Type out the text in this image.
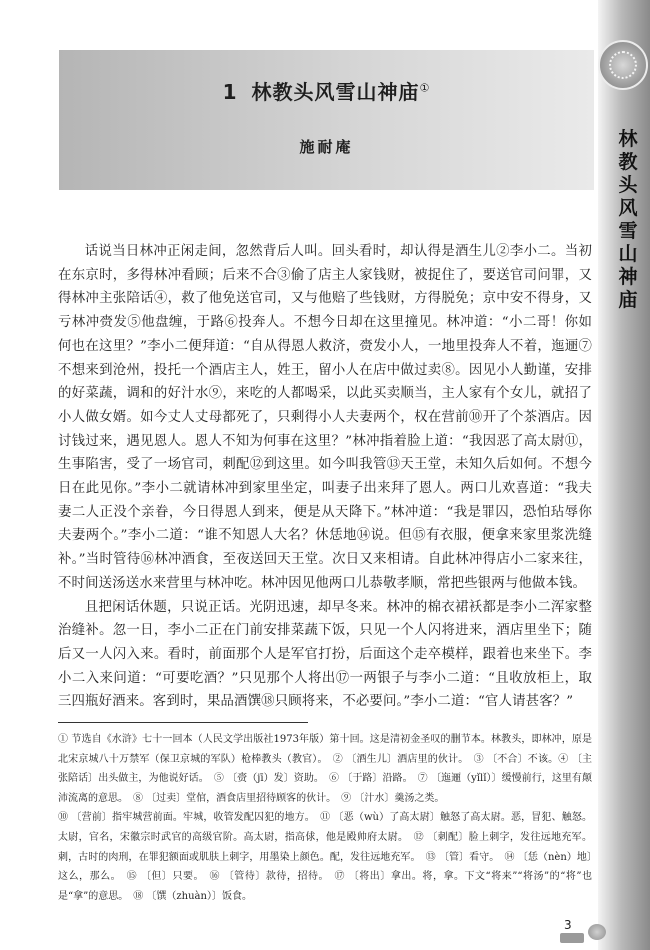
林教头风雪山神庙
1 林教头风雪山神庙①
施耐庵

话说当日林冲正闲走间，忽然背后人叫。回头看时，却认得是酒生儿②李小二。当初在东京时，多得林冲看顾；后来不合③偷了店主人家钱财，被捉住了，要送官司问罪，又得林冲主张陪话④，救了他免送官司，又与他赔了些钱财，方得脱免；京中安不得身，又亏林冲赍发⑤他盘缠，于路⑥投奔人。不想今日却在这里撞见。林冲道：“小二哥！你如何也在这里？”李小二便拜道：“自从得恩人救济，赍发小人，一地里投奔人不着，迤逦⑦不想来到沧州，投托一个酒店主人，姓王，留小人在店中做过卖⑧。因见小人勤谨，安排的好菜蔬，调和的好汁水⑨，来吃的人都喝采，以此买卖顺当，主人家有个女儿，就招了小人做女婿。如今丈人丈母都死了，只剩得小人夫妻两个，权在营前⑩开了个茶酒店。因讨钱过来，遇见恩人。恩人不知为何事在这里？”林冲指着脸上道：“我因恶了高太尉⑪，生事陷害，受了一场官司，刺配⑫到这里。如今叫我管⑬天王堂，未知久后如何。不想今日在此见你。”李小二就请林冲到家里坐定，叫妻子出来拜了恩人。两口儿欢喜道：“我夫妻二人正没个亲眷，今日得恩人到来，便是从天降下。”林冲道：“我是罪囚，恐怕玷辱你夫妻两个。”李小二道：“谁不知恩人大名？休恁地⑭说。但⑮有衣服，便拿来家里浆洗缝补。”当时管待⑯林冲酒食，至夜送回天王堂。次日又来相请。自此林冲得店小二家来往，不时间送汤送水来营里与林冲吃。林冲因见他两口儿恭敬孝顺，常把些银两与他做本钱。

且把闲话休题，只说正话。光阴迅速，却早冬来。林冲的棉衣裙袄都是李小二浑家整治缝补。忽一日，李小二正在门前安排菜蔬下饭，只见一个人闪将进来，酒店里坐下；随后又一人闪入来。看时，前面那个人是军官打扮，后面这个走卒模样，跟着也来坐下。李小二入来问道：“可要吃酒？”只见那个人将出⑰一两银子与李小二道：“且收放柜上，取三四瓶好酒来。客到时，果品酒馔⑱只顾将来，不必要问。”李小二道：“官人请甚客？”

① 节选自《水浒》七十一回本（人民文学出版社1973年版）第十回。这是清初金圣叹的删节本。林教头，即林冲，原是北宋京城八十万禁军（保卫京城的军队）枪棒教头（教官）。　② 〔酒生儿〕酒店里的伙计。　③ 〔不合〕不该。④ 〔主张陪话〕出头做主，为他说好话。　⑤ 〔赍（jī）发〕资助。　⑥ 〔于路〕沿路。　⑦ 〔迤逦（yǐlǐ）〕缓慢前行，这里有颠沛流离的意思。　⑧ 〔过卖〕堂倌，酒食店里招待顾客的伙计。　⑨ 〔汁水〕羹汤之类。

⑩ 〔营前〕指牢城营前面。牢城，收管发配囚犯的地方。　⑪ 〔恶（wù）了高太尉〕触怒了高太尉。恶，冒犯、触怒。太尉，官名，宋徽宗时武官的高级官阶。高太尉，指高俅，他是殿帅府太尉。　⑫ 〔刺配〕脸上刺字，发往远地充军。刺，古时的肉刑，在罪犯额面或肌肤上刺字，用墨染上颜色。配，发往远地充军。　⑬ 〔管〕看守。　⑭ 〔恁（nèn）地〕这么，那么。　⑮ 〔但〕只要。　⑯ 〔管待〕款待，招待。　⑰ 〔将出〕拿出。将，拿。下文“将来”“将汤”的“将”也是“拿”的意思。　⑱ 〔馔（zhuàn）〕饭食。

3
